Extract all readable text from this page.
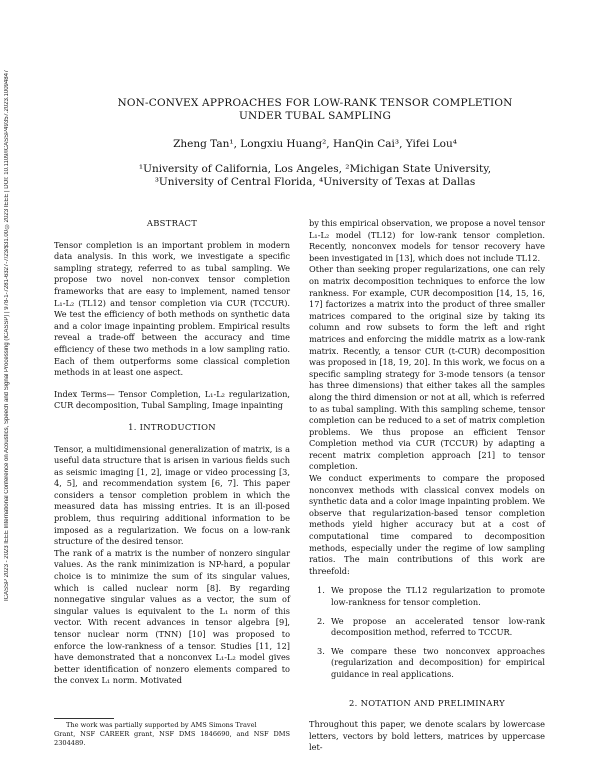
ICASSP 2023 - 2023 IEEE International Conference on Acoustics, Speech and Signal Processing (ICASSP) | 978-1-7281-6327-7/23/$31.00 ©2023 IEEE | DOI: 10.1109/ICASSP49357.2023.10094847	NON-CONVEX APPROACHES FOR LOW-RANK TENSOR COMPLETION
UNDER TUBAL SAMPLING
Zheng Tan¹, Longxiu Huang², HanQin Cai³, Yifei Lou⁴
¹University of California, Los Angeles, ²Michigan State University,
³University of Central Florida, ⁴University of Texas at Dallas
ABSTRACT

Tensor completion is an important problem in modern data analysis. In this work, we investigate a specific sampling strategy, referred to as tubal sampling. We propose two novel non-convex tensor completion frameworks that are easy to implement, named tensor L₁-L₂ (TL12) and tensor completion via CUR (TCCUR). We test the efficiency of both methods on synthetic data and a color image inpainting problem. Empirical results reveal a trade-off between the accuracy and time efficiency of these two methods in a low sampling ratio. Each of them outperforms some classical completion methods in at least one aspect.

Index Terms— Tensor Completion, L₁-L₂ regularization, CUR decomposition, Tubal Sampling, Image inpainting

1. INTRODUCTION

Tensor, a multidimensional generalization of matrix, is a useful data structure that is arisen in various fields such as seismic imaging [1, 2], image or video processing [3, 4, 5], and recommendation system [6, 7]. This paper considers a tensor completion problem in which the measured data has missing entries. It is an ill-posed problem, thus requiring additional information to be imposed as a regularization. We focus on a low-rank structure of the desired tensor.

The rank of a matrix is the number of nonzero singular values. As the rank minimization is NP-hard, a popular choice is to minimize the sum of its singular values, which is called nuclear norm [8]. By regarding nonnegative singular values as a vector, the sum of singular values is equivalent to the L₁ norm of this vector. With recent advances in tensor algebra [9], tensor nuclear norm (TNN) [10] was proposed to enforce the low-rankness of a tensor. Studies [11, 12] have demonstrated that a nonconvex L₁-L₂ model gives better identification of nonzero elements compared to the convex L₁ norm. Motivated

The work was partially supported by AMS Simons Travel
Grant, NSF CAREER grant, NSF DMS 1846690, and NSF DMS 2304489.

by this empirical observation, we propose a novel tensor L₁-L₂ model (TL12) for low-rank tensor completion. Recently, nonconvex models for tensor recovery have been investigated in [13], which does not include TL12.

Other than seeking proper regularizations, one can rely on matrix decomposition techniques to enforce the low rankness. For example, CUR decomposition [14, 15, 16, 17] factorizes a matrix into the product of three smaller matrices compared to the original size by taking its column and row subsets to form the left and right matrices and enforcing the middle matrix as a low-rank matrix. Recently, a tensor CUR (t-CUR) decomposition was proposed in [18, 19, 20]. In this work, we focus on a specific sampling strategy for 3-mode tensors (a tensor has three dimensions) that either takes all the samples along the third dimension or not at all, which is referred to as tubal sampling. With this sampling scheme, tensor completion can be reduced to a set of matrix completion problems. We thus propose an efficient Tensor Completion method via CUR (TCCUR) by adapting a recent matrix completion approach [21] to tensor completion.

We conduct experiments to compare the proposed nonconvex methods with classical convex models on synthetic data and a color image inpainting problem. We observe that regularization-based tensor completion methods yield higher accuracy but at a cost of computational time compared to decomposition methods, especially under the regime of low sampling ratios. The main contributions of this work are threefold:

1. We propose the TL12 regularization to promote low-rankness for tensor completion.
2. We propose an accelerated tensor low-rank decomposition method, referred to TCCUR.
3. We compare these two nonconvex approaches (regularization and decomposition) for empirical guidance in real applications.
2. NOTATION AND PRELIMINARY

Throughout this paper, we denote scalars by lowercase letters, vectors by bold letters, matrices by uppercase let-
